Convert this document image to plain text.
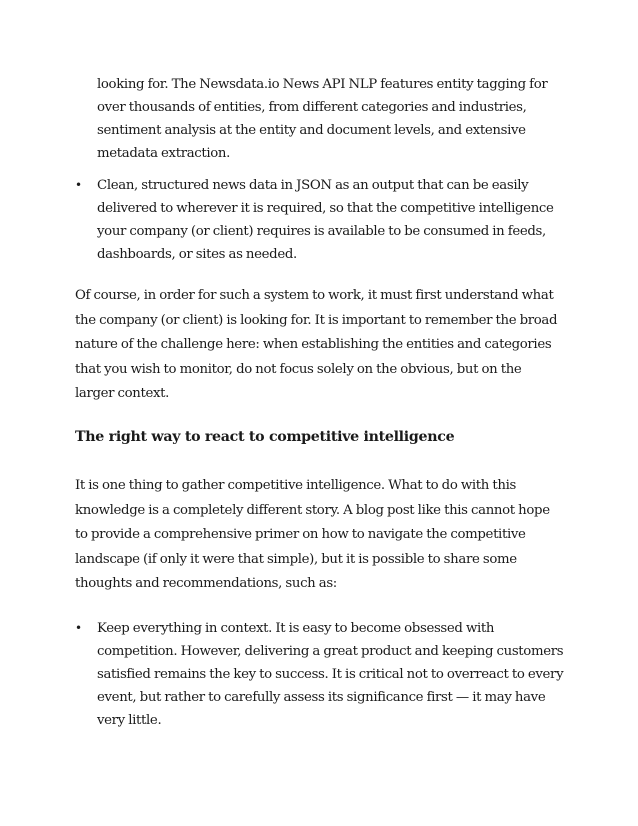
looking for. The Newsdata.io News API NLP features entity tagging for
over thousands of entities, from different categories and industries,
sentiment analysis at the entity and document levels, and extensive
metadata extraction.
•	Clean, structured news data in JSON as an output that can be easily
delivered to wherever it is required, so that the competitive intelligence
your company (or client) requires is available to be consumed in feeds,
dashboards, or sites as needed.
Of course, in order for such a system to work, it must first understand what
the company (or client) is looking for. It is important to remember the broad
nature of the challenge here: when establishing the entities and categories
that you wish to monitor, do not focus solely on the obvious, but on the
larger context.
The right way to react to competitive intelligence
It is one thing to gather competitive intelligence. What to do with this
knowledge is a completely different story. A blog post like this cannot hope
to provide a comprehensive primer on how to navigate the competitive
landscape (if only it were that simple), but it is possible to share some
thoughts and recommendations, such as:
•	Keep everything in context. It is easy to become obsessed with
competition. However, delivering a great product and keeping customers
satisfied remains the key to success. It is critical not to overreact to every
event, but rather to carefully assess its significance first — it may have
very little.
